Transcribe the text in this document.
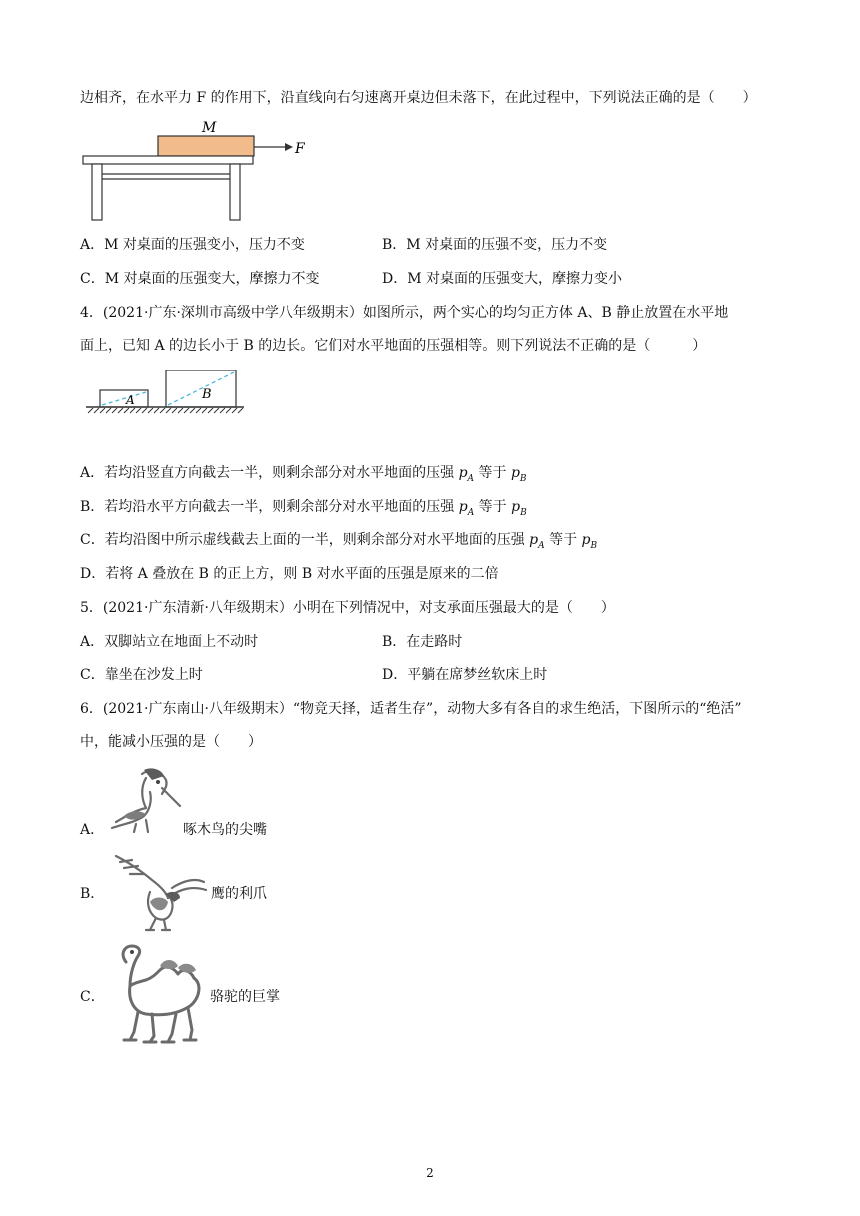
边相齐，在水平力 F 的作用下，沿直线向右匀速离开桌边但未落下，在此过程中，下列说法正确的是（　　）
M
F
A．M 对桌面的压强变小，压力不变	B．M 对桌面的压强不变，压力不变
C．M 对桌面的压强变大，摩擦力不变	D．M 对桌面的压强变大，摩擦力变小
4．(2021·广东·深圳市高级中学八年级期末）如图所示，两个实心的均匀正方体 A、B 静止放置在水平地
面上，已知 A 的边长小于 B 的边长。它们对水平地面的压强相等。则下列说法不正确的是（　　　）
A	B
A．若均沿竖直方向截去一半，则剩余部分对水平地面的压强 $p_A$ 等于 $p_B$
B．若均沿水平方向截去一半，则剩余部分对水平地面的压强 $p_A$ 等于 $p_B$
C．若均沿图中所示虚线截去上面的一半，则剩余部分对水平地面的压强 $p_A$ 等于 $p_B$
D．若将 A 叠放在 B 的正上方，则 B 对水平面的压强是原来的二倍
5．(2021·广东清新·八年级期末）小明在下列情况中，对支承面压强最大的是（　　）
A．双脚站立在地面上不动时	B．在走路时
C．靠坐在沙发上时	D．平躺在席梦丝软床上时
6．(2021·广东南山·八年级期末）“物竞天择，适者生存”，动物大多有各自的求生绝活，下图所示的“绝活”
中，能减小压强的是（　　）
A．	啄木鸟的尖嘴
B．	鹰的利爪
C．	骆驼的巨掌
2
